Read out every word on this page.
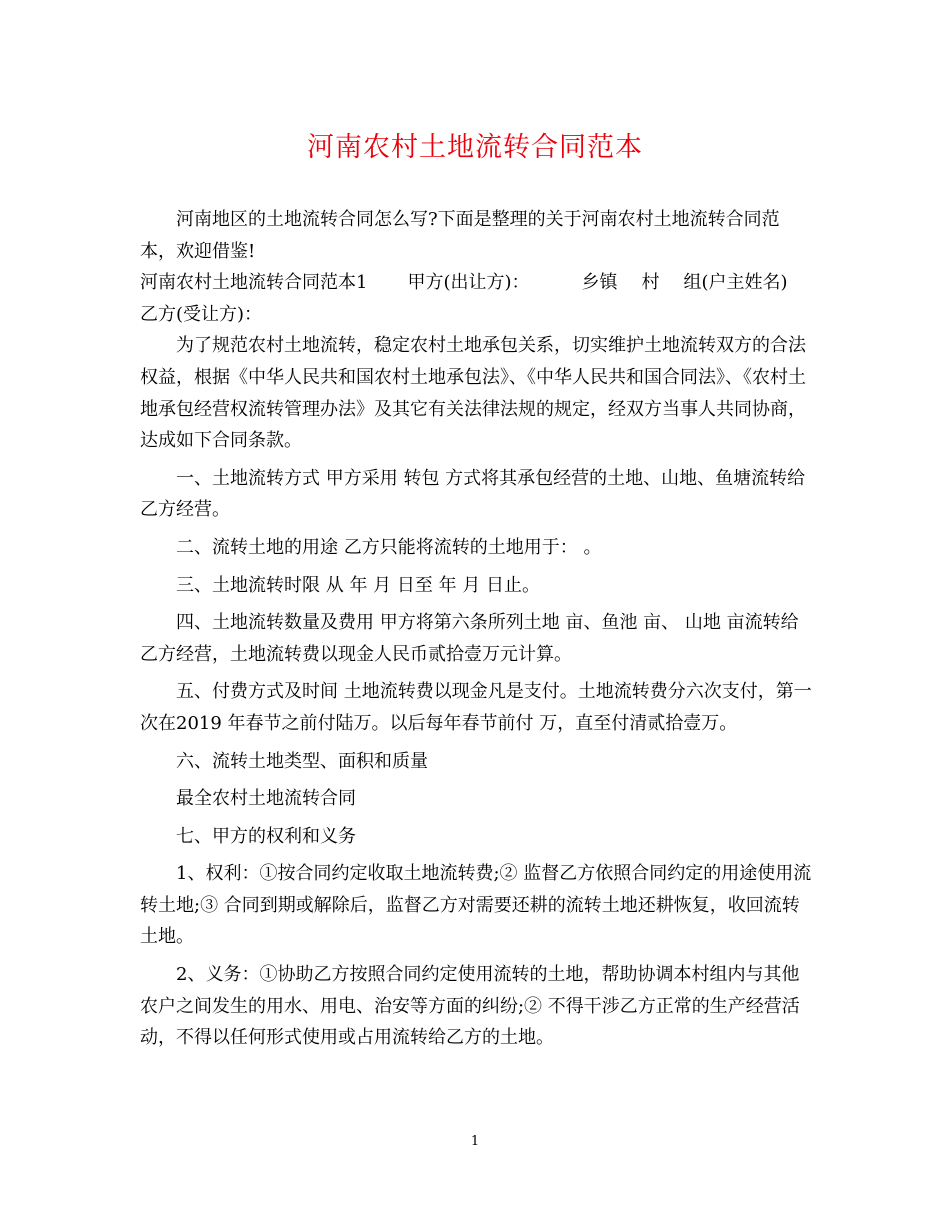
河南农村土地流转合同范本

河南地区的土地流转合同怎么写?下面是整理的关于河南农村土地流转合同范本，欢迎借鉴!

河南农村土地流转合同范本1 甲方(出让方)：	乡镇 村 组(户主姓名)

乙方(受让方)：

为了规范农村土地流转，稳定农村土地承包关系，切实维护土地流转双方的合法权益，根据《中华人民共和国农村土地承包法》、《中华人民共和国合同法》、《农村土地承包经营权流转管理办法》及其它有关法律法规的规定，经双方当事人共同协商，达成如下合同条款。

一、土地流转方式 甲方采用 转包 方式将其承包经营的土地、山地、鱼塘流转给乙方经营。

二、流转土地的用途 乙方只能将流转的土地用于： 。

三、土地流转时限 从 年 月 日至 年 月 日止。

四、土地流转数量及费用 甲方将第六条所列土地 亩、鱼池 亩、 山地 亩流转给乙方经营，土地流转费以现金人民币贰拾壹万元计算。

五、付费方式及时间 土地流转费以现金凡是支付。土地流转费分六次支付，第一次在2019 年春节之前付陆万。以后每年春节前付 万，直至付清贰拾壹万。

六、流转土地类型、面积和质量

最全农村土地流转合同

七、甲方的权利和义务

1、权利：①按合同约定收取土地流转费;② 监督乙方依照合同约定的用途使用流转土地;③ 合同到期或解除后，监督乙方对需要还耕的流转土地还耕恢复，收回流转土地。

2、义务：①协助乙方按照合同约定使用流转的土地，帮助协调本村组内与其他农户之间发生的用水、用电、治安等方面的纠纷;② 不得干涉乙方正常的生产经营活动，不得以任何形式使用或占用流转给乙方的土地。

1
